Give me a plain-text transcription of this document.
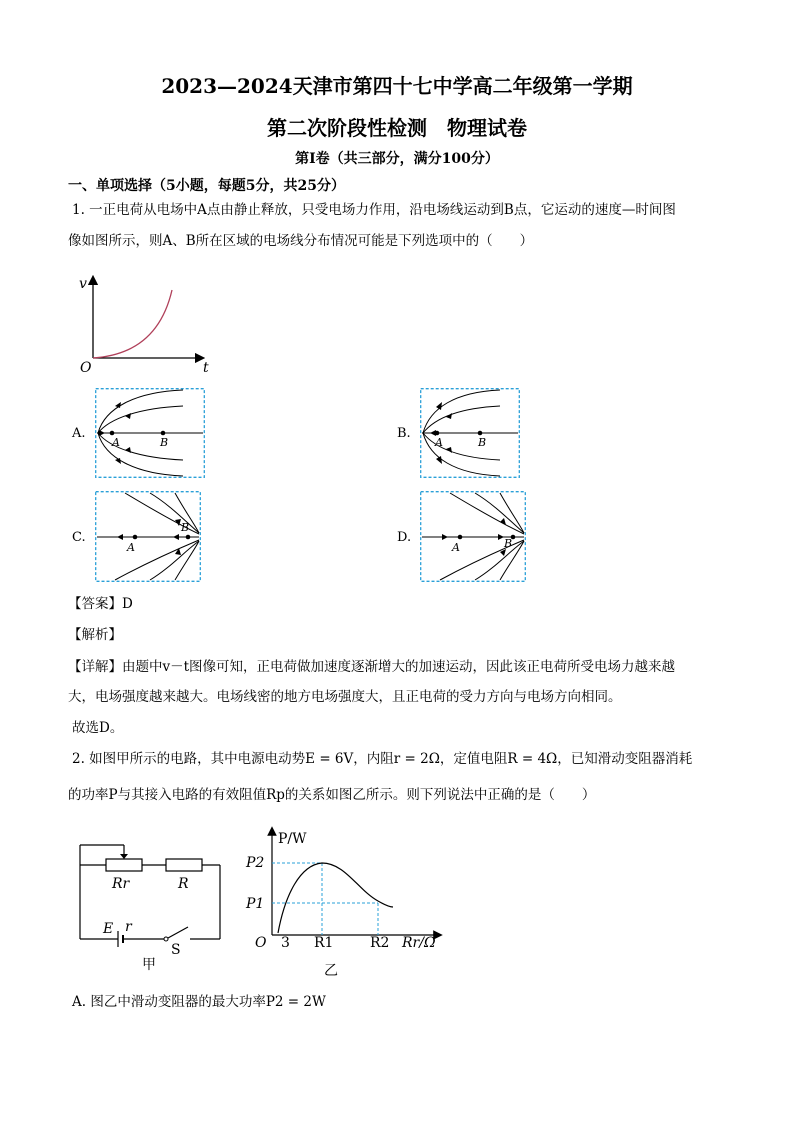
2023—2024天津市第四十七中学高二年级第一学期
第二次阶段性检测　物理试卷
第Ⅰ卷（共三部分，满分100分）
一、单项选择（5小题，每题5分，共25分）
1. 一正电荷从电场中A点由静止释放，只受电场力作用，沿电场线运动到B点，它运动的速度—时间图
像如图所示，则A、B所在区域的电场线分布情况可能是下列选项中的（　　）
v
t
O
A.
A	B
B.
A	B
C.
A
B
D.
A	B
【答案】D
【解析】
【详解】由题中v－t图像可知，正电荷做加速度逐渐增大的加速运动，因此该正电荷所受电场力越来越
大，电场强度越来越大。电场线密的地方电场强度大，且正电荷的受力方向与电场方向相同。
故选D。
2. 如图甲所示的电路，其中电源电动势E = 6V，内阻r = 2Ω，定值电阻R = 4Ω，已知滑动变阻器消耗
的功率P与其接入电路的有效阻值Rp的关系如图乙所示。则下列说法中正确的是（　　）
Rr	R
E r
S
甲
P/W
P2
P1
O 3 R1	R2 Rr/Ω
乙
A. 图乙中滑动变阻器的最大功率P2 = 2W
